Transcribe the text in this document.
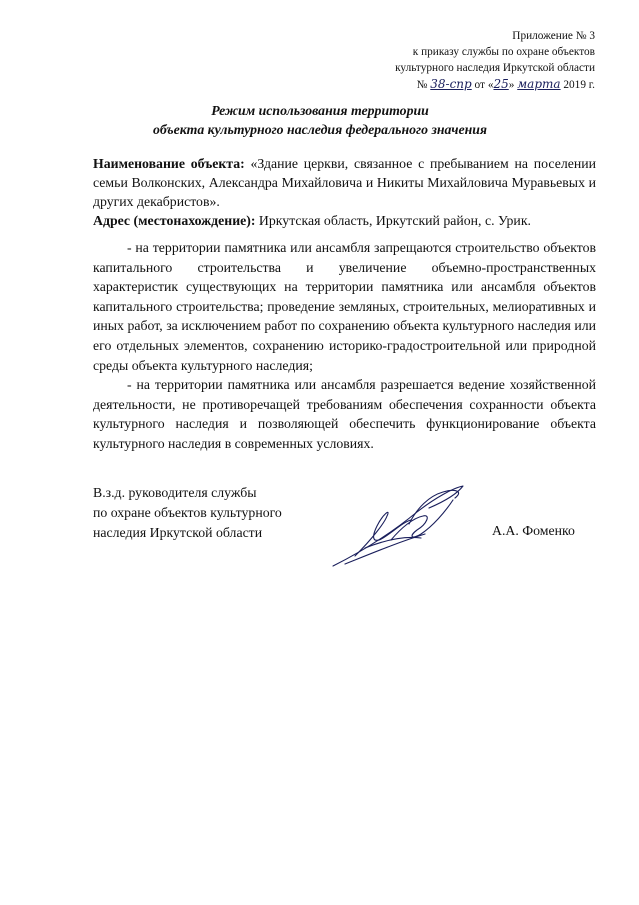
Приложение № 3
к приказу службы по охране объектов
культурного наследия Иркутской области
№ 38-спр от «25» марта 2019 г.
Режим использования территории
объекта культурного наследия федерального значения
Наименование объекта: «Здание церкви, связанное с пребыванием на поселении семьи Волконских, Александра Михайловича и Никиты Михайловича Муравьевых и других декабристов».
Адрес (местонахождение): Иркутская область, Иркутский район, с. Урик.

- на территории памятника или ансамбля запрещаются строительство объектов капитального строительства и увеличение объемно-пространственных характеристик существующих на территории памятника или ансамбля объектов капитального строительства; проведение земляных, строительных, мелиоративных и иных работ, за исключением работ по сохранению объекта культурного наследия или его отдельных элементов, сохранению историко-градостроительной или природной среды объекта культурного наследия;

- на территории памятника или ансамбля разрешается ведение хозяйственной деятельности, не противоречащей требованиям обеспечения сохранности объекта культурного наследия и позволяющей обеспечить функционирование объекта культурного наследия в современных условиях.

В.з.д. руководителя службы
по охране объектов культурного
наследия Иркутской области	А.А. Фоменко
